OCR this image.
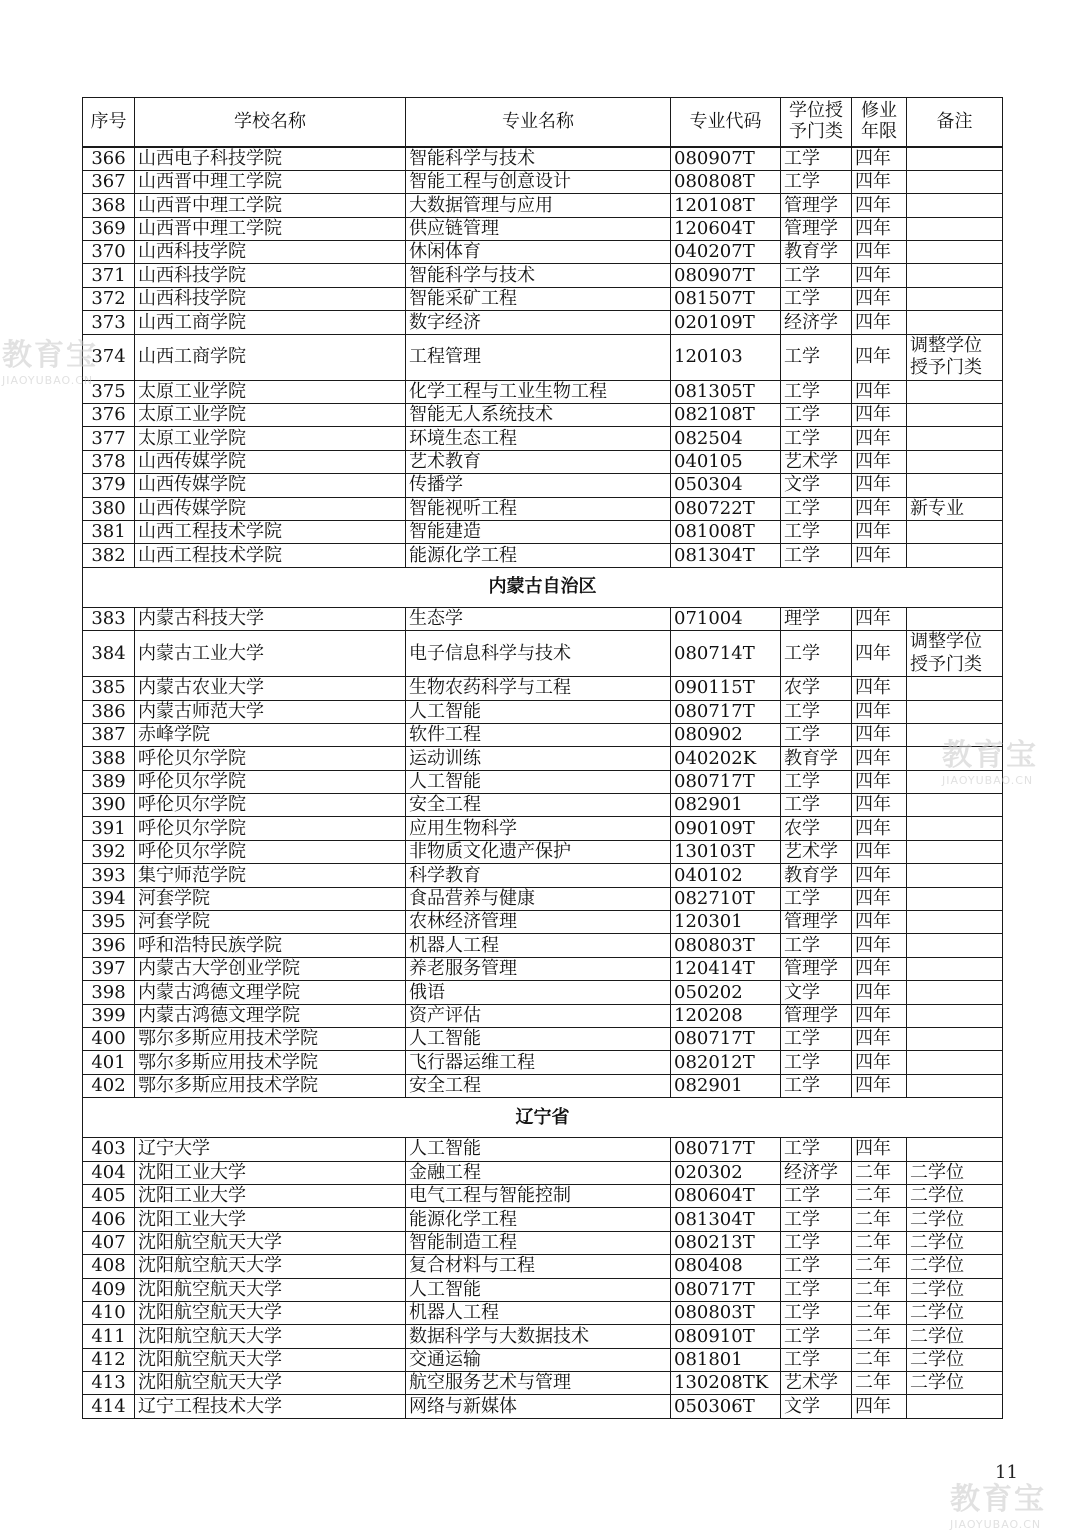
序号	学校名称	专业名称	专业代码	学位授予门类	修业年限	备注
366	山西电子科技学院	智能科学与技术	080907T	工学	四年	
367	山西晋中理工学院	智能工程与创意设计	080808T	工学	四年	
368	山西晋中理工学院	大数据管理与应用	120108T	管理学	四年	
369	山西晋中理工学院	供应链管理	120604T	管理学	四年	
370	山西科技学院	休闲体育	040207T	教育学	四年	
371	山西科技学院	智能科学与技术	080907T	工学	四年	
372	山西科技学院	智能采矿工程	081507T	工学	四年	
373	山西工商学院	数字经济	020109T	经济学	四年	
374	山西工商学院	工程管理	120103	工学	四年	调整学位授予门类
375	太原工业学院	化学工程与工业生物工程	081305T	工学	四年	
376	太原工业学院	智能无人系统技术	082108T	工学	四年	
377	太原工业学院	环境生态工程	082504	工学	四年	
378	山西传媒学院	艺术教育	040105	艺术学	四年	
379	山西传媒学院	传播学	050304	文学	四年	
380	山西传媒学院	智能视听工程	080722T	工学	四年	新专业
381	山西工程技术学院	智能建造	081008T	工学	四年	
382	山西工程技术学院	能源化学工程	081304T	工学	四年	
内蒙古自治区						
383	内蒙古科技大学	生态学	071004	理学	四年	
384	内蒙古工业大学	电子信息科学与技术	080714T	工学	四年	调整学位授予门类
385	内蒙古农业大学	生物农药科学与工程	090115T	农学	四年	
386	内蒙古师范大学	人工智能	080717T	工学	四年	
387	赤峰学院	软件工程	080902	工学	四年	
388	呼伦贝尔学院	运动训练	040202K	教育学	四年	
389	呼伦贝尔学院	人工智能	080717T	工学	四年	
390	呼伦贝尔学院	安全工程	082901	工学	四年	
391	呼伦贝尔学院	应用生物科学	090109T	农学	四年	
392	呼伦贝尔学院	非物质文化遗产保护	130103T	艺术学	四年	
393	集宁师范学院	科学教育	040102	教育学	四年	
394	河套学院	食品营养与健康	082710T	工学	四年	
395	河套学院	农林经济管理	120301	管理学	四年	
396	呼和浩特民族学院	机器人工程	080803T	工学	四年	
397	内蒙古大学创业学院	养老服务管理	120414T	管理学	四年	
398	内蒙古鸿德文理学院	俄语	050202	文学	四年	
399	内蒙古鸿德文理学院	资产评估	120208	管理学	四年	
400	鄂尔多斯应用技术学院	人工智能	080717T	工学	四年	
401	鄂尔多斯应用技术学院	飞行器运维工程	082012T	工学	四年	
402	鄂尔多斯应用技术学院	安全工程	082901	工学	四年	
辽宁省						
403	辽宁大学	人工智能	080717T	工学	四年	
404	沈阳工业大学	金融工程	020302	经济学	二年	二学位
405	沈阳工业大学	电气工程与智能控制	080604T	工学	二年	二学位
406	沈阳工业大学	能源化学工程	081304T	工学	二年	二学位
407	沈阳航空航天大学	智能制造工程	080213T	工学	二年	二学位
408	沈阳航空航天大学	复合材料与工程	080408	工学	二年	二学位
409	沈阳航空航天大学	人工智能	080717T	工学	二年	二学位
410	沈阳航空航天大学	机器人工程	080803T	工学	二年	二学位
411	沈阳航空航天大学	数据科学与大数据技术	080910T	工学	二年	二学位
412	沈阳航空航天大学	交通运输	081801	工学	二年	二学位
413	沈阳航空航天大学	航空服务艺术与管理	130208TK	艺术学	二年	二学位
414	辽宁工程技术大学	网络与新媒体	050306T	文学	四年	
教育宝
JIAOYUBAO.CN
教育宝
JIAOYUBAO.CN
教育宝
JIAOYUBAO.CN
11
